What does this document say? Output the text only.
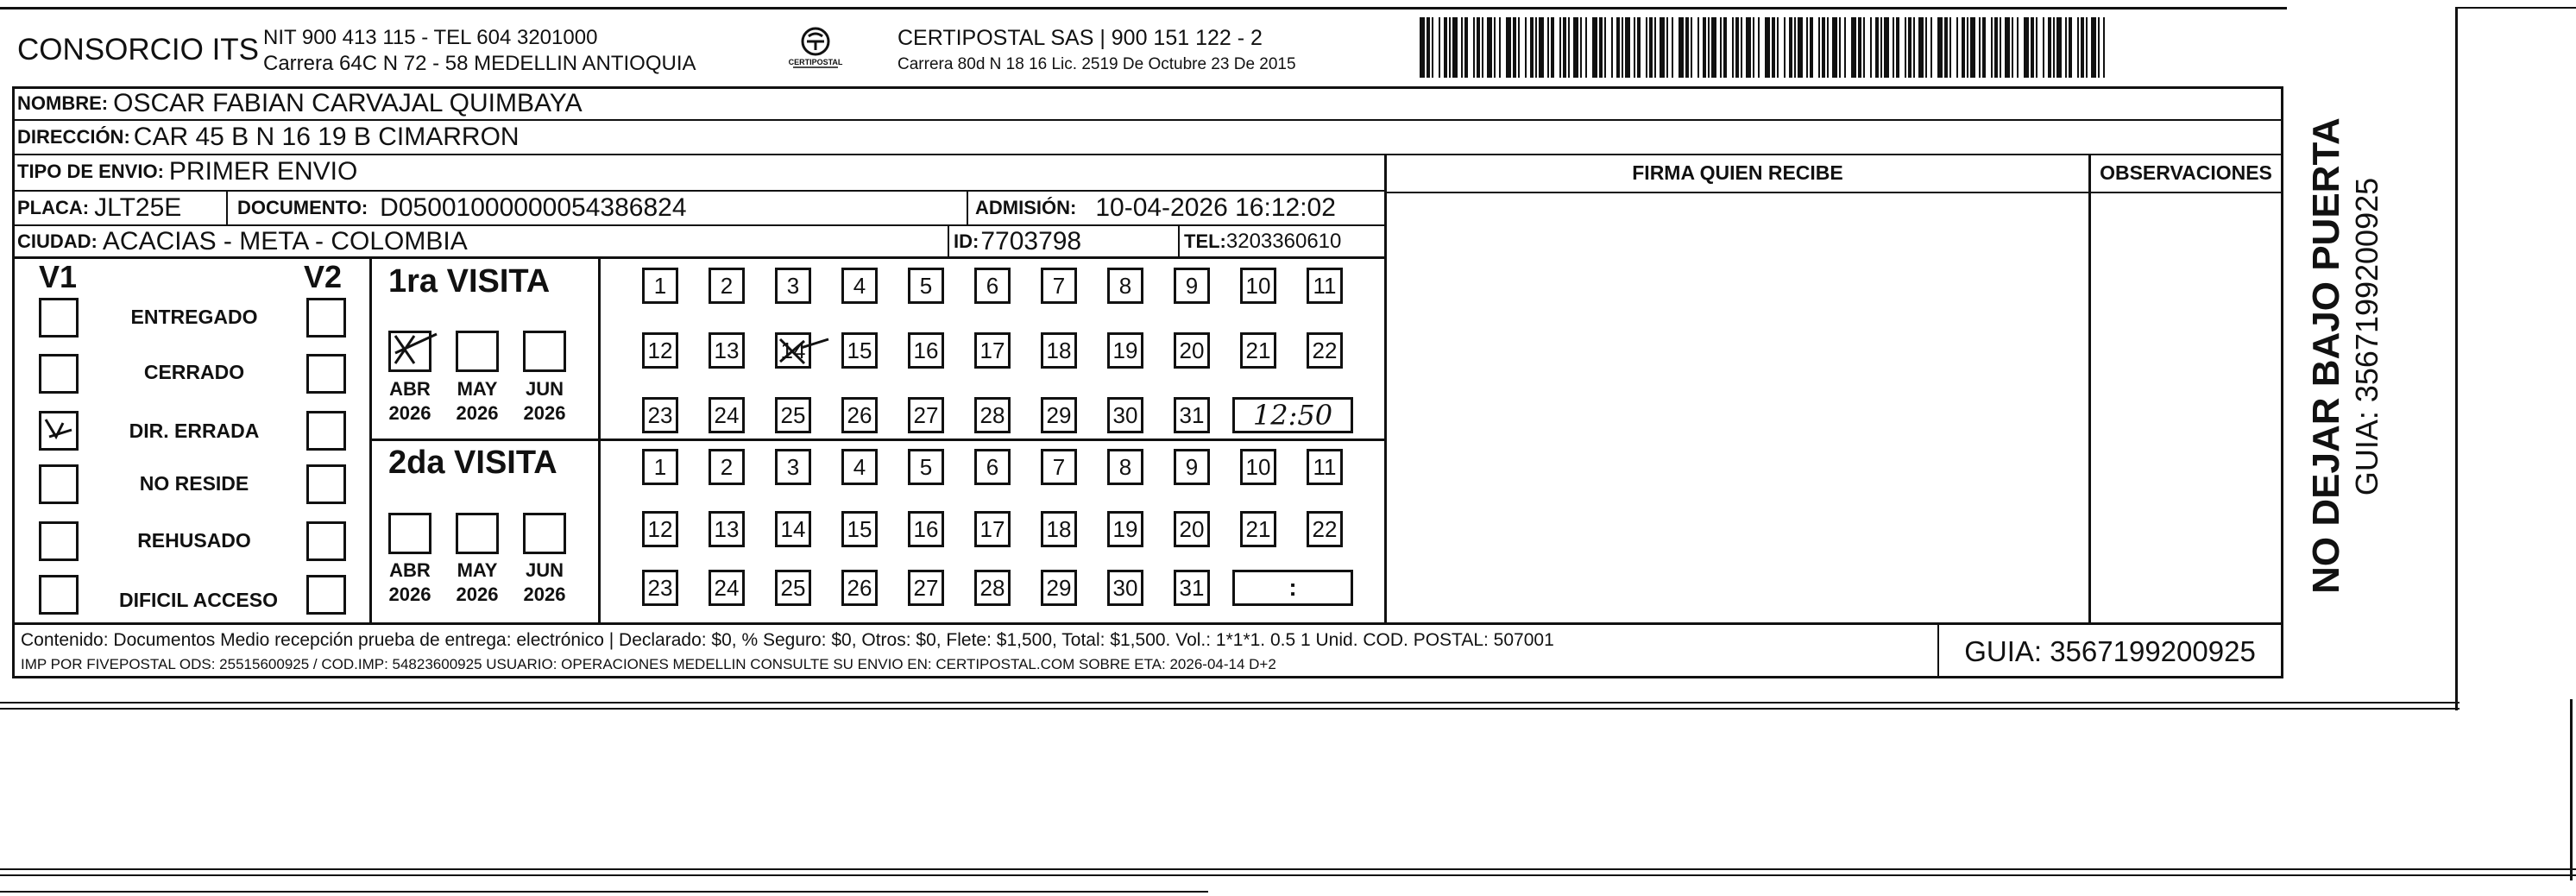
CONSORCIO ITS NIT 900 413 115 - TEL 604 3201000
Carrera 64C N 72 - 58 MEDELLIN ANTIOQUIA	CERTIPOSTAL
CERTIPOSTAL SAS | 900 151 122 - 2
Carrera 80d N 18 16 Lic. 2519 De Octubre 23 De 2015
NOMBRE: OSCAR FABIAN CARVAJAL QUIMBAYA
DIRECCIÓN: CAR 45 B N 16 19 B CIMARRON
TIPO DE ENVIO: PRIMER ENVIO
PLACA: JLT25E	DOCUMENTO: D05001000000054386824	ADMISIÓN: 10-04-2026 16:12:02
CIUDAD: ACACIAS - META - COLOMBIA	ID: 7703798	TEL: 3203360610
FIRMA QUIEN RECIBE	OBSERVACIONES
V1	V2
ENTREGADO
CERRADO
DIR. ERRADA
NO RESIDE
REHUSADO
DIFICIL ACCESO
1ra VISITA
ABR	MAY	JUN
2026	2026	2026
2da VISITA
ABR	MAY	JUN
2026	2026	2026
1	2	3	4	5	6	7	8	9	10 11
12 13 14 15 16 17 18 19 20 21 22
23 24 25 26 27 28 29 30 31
1	2	3	4	5	6	7	8	9	10 11
12 13 14 15 16 17 18 19 20 21 22
23 24 25 26 27 28 29 30 31
12:50
:
Contenido: Documentos Medio recepción prueba de entrega: electrónico | Declarado: $0, % Seguro: $0, Otros: $0, Flete: $1,500, Total: $1,500. Vol.: 1*1*1. 0.5 1 Unid. COD. POSTAL: 507001
IMP POR FIVEPOSTAL ODS: 25515600925 / COD.IMP: 54823600925 USUARIO: OPERACIONES MEDELLIN CONSULTE SU ENVIO EN: CERTIPOSTAL.COM SOBRE ETA: 2026-04-14 D+2	GUIA: 3567199200925
NO DEJAR BAJO PUERTA GUIA: 3567199200925
